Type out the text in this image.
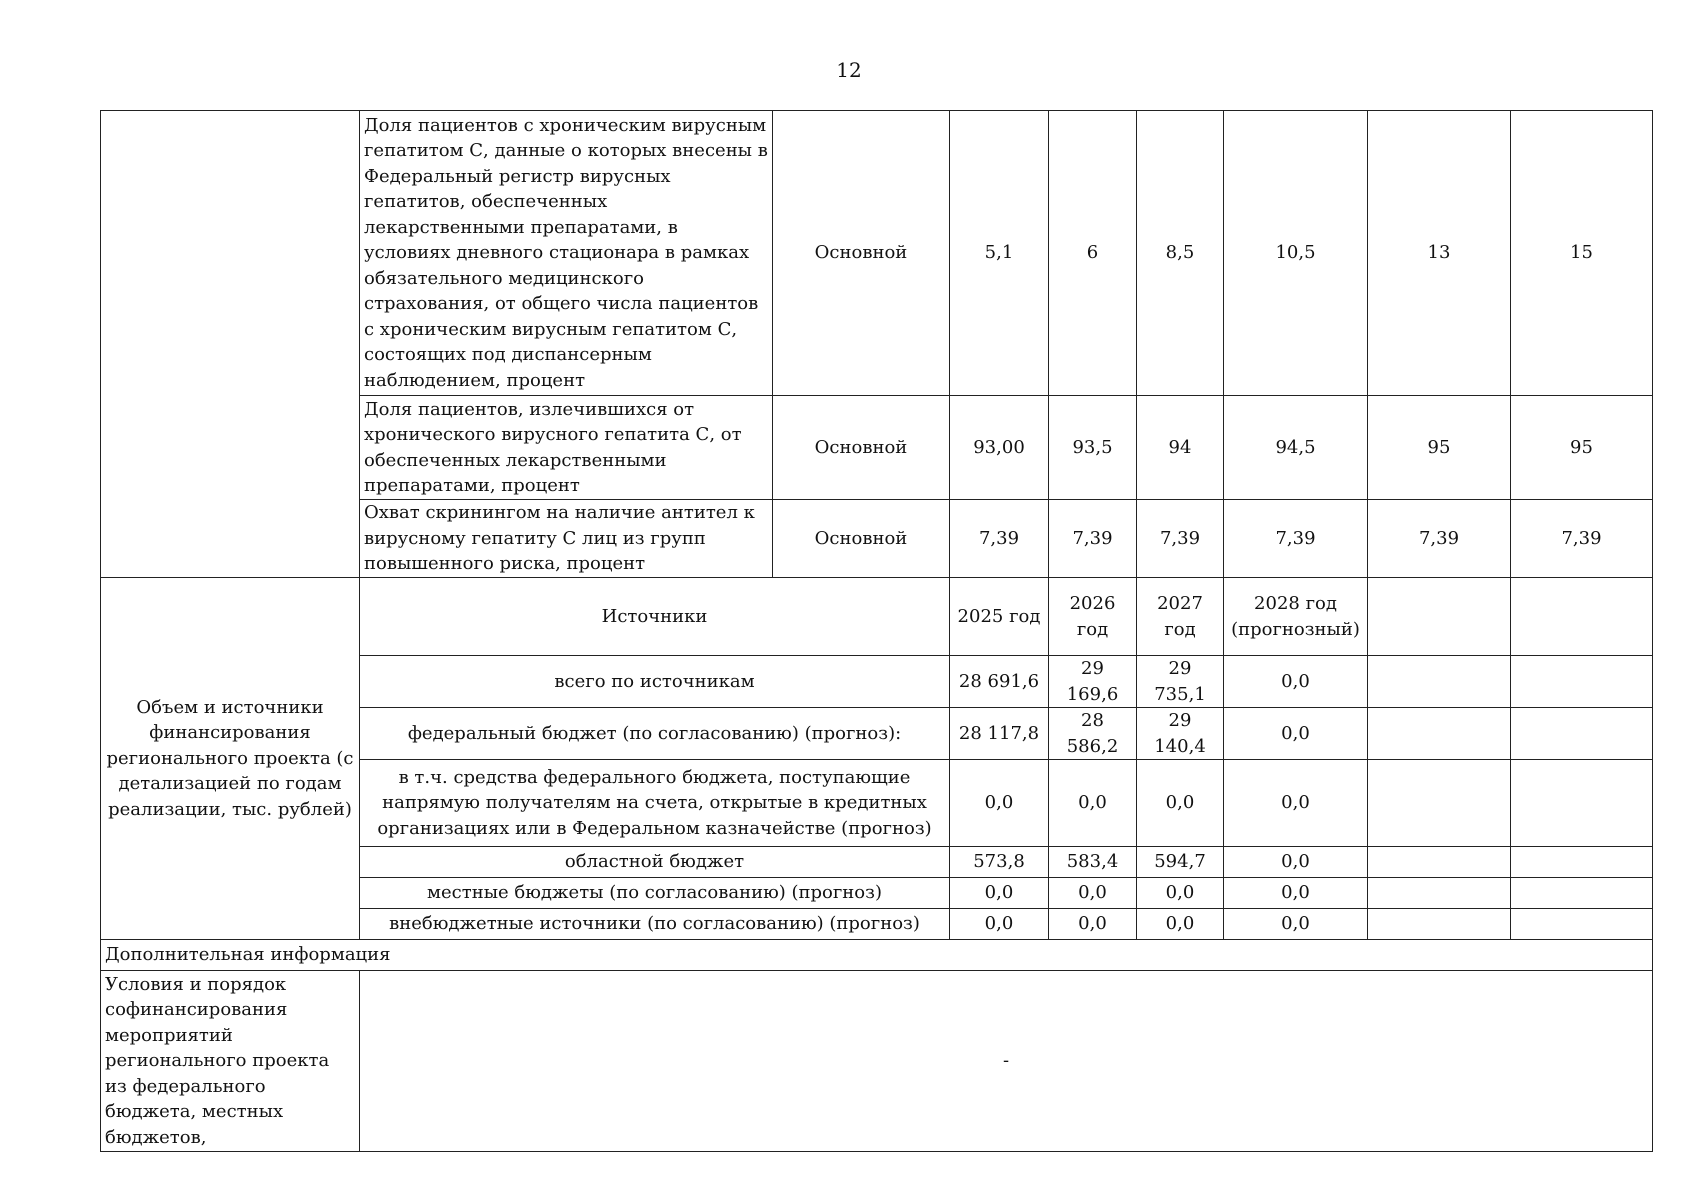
12
	Доля пациентов с хроническим вирусным гепатитом С, данные о которых внесены в Федеральный регистр вирусных гепатитов, обеспеченных лекарственными препаратами, в условиях дневного стационара в рамках обязательного медицинского страхования, от общего числа пациентов с хроническим вирусным гепатитом С, состоящих под диспансерным наблюдением, процент	Основной	5,1	6	8,5	10,5	13	15
	Доля пациентов, излечившихся от хронического вирусного гепатита С, от обеспеченных лекарственными препаратами, процент	Основной	93,00	93,5	94	94,5	95	95
	Охват скринингом на наличие антител к вирусному гепатиту С лиц из групп повышенного риска, процент	Основной	7,39	7,39	7,39	7,39	7,39	7,39
Объем и источники финансирования регионального проекта (с детализацией по годам реализации, тыс. рублей)	Источники		2025 год	2026 год	2027 год	2028 год (прогнозный)		
	всего по источникам		28 691,6	29 169,6	29 735,1	0,0		
	федеральный бюджет (по согласованию) (прогноз):		28 117,8	28 586,2	29 140,4	0,0		
	в т.ч. средства федерального бюджета, поступающие напрямую получателям на счета, открытые в кредитных организациях или в Федеральном казначействе (прогноз)		0,0	0,0	0,0	0,0		
	областной бюджет		573,8	583,4	594,7	0,0		
	местные бюджеты (по согласованию) (прогноз)		0,0	0,0	0,0	0,0		
	внебюджетные источники (по согласованию) (прогноз)		0,0	0,0	0,0	0,0		
Дополнительная информация								
Условия и порядок софинансирования мероприятий регионального проекта из федерального бюджета, местных бюджетов,	-							
